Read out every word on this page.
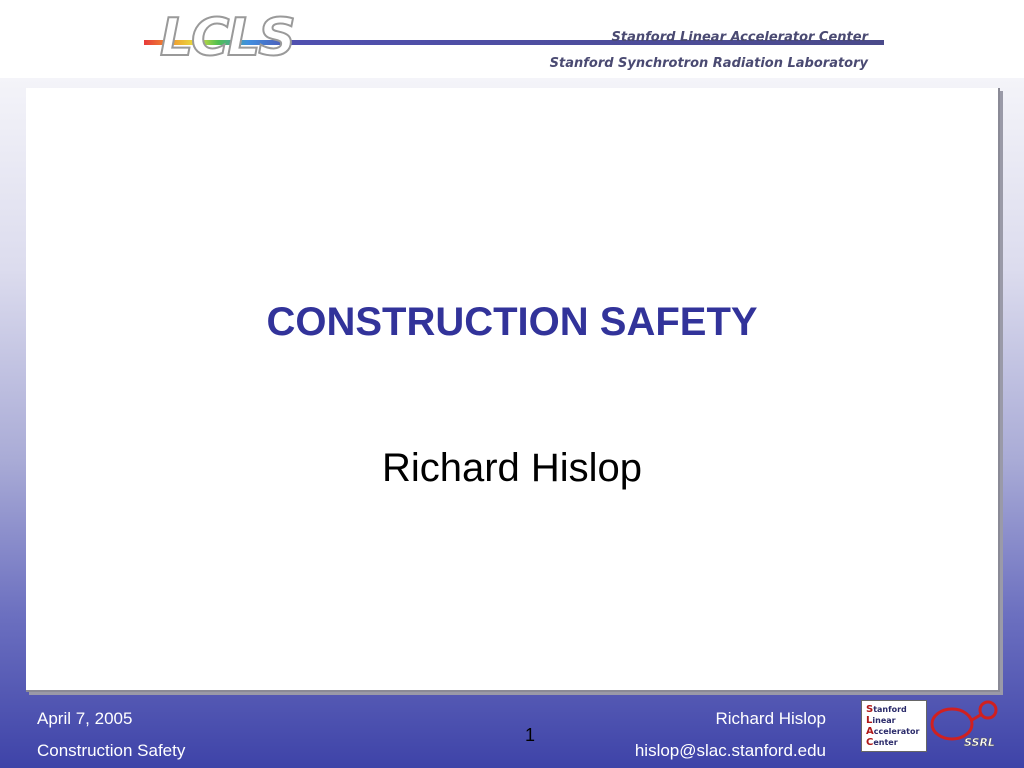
LCLS	Stanford Linear Accelerator Center
Stanford Synchrotron Radiation Laboratory
CONSTRUCTION SAFETY
Richard Hislop
April 7, 2005
Construction Safety
1
Richard Hislop
hislop@slac.stanford.edu
Stanford
Linear
Accelerator
Center	SSRL
